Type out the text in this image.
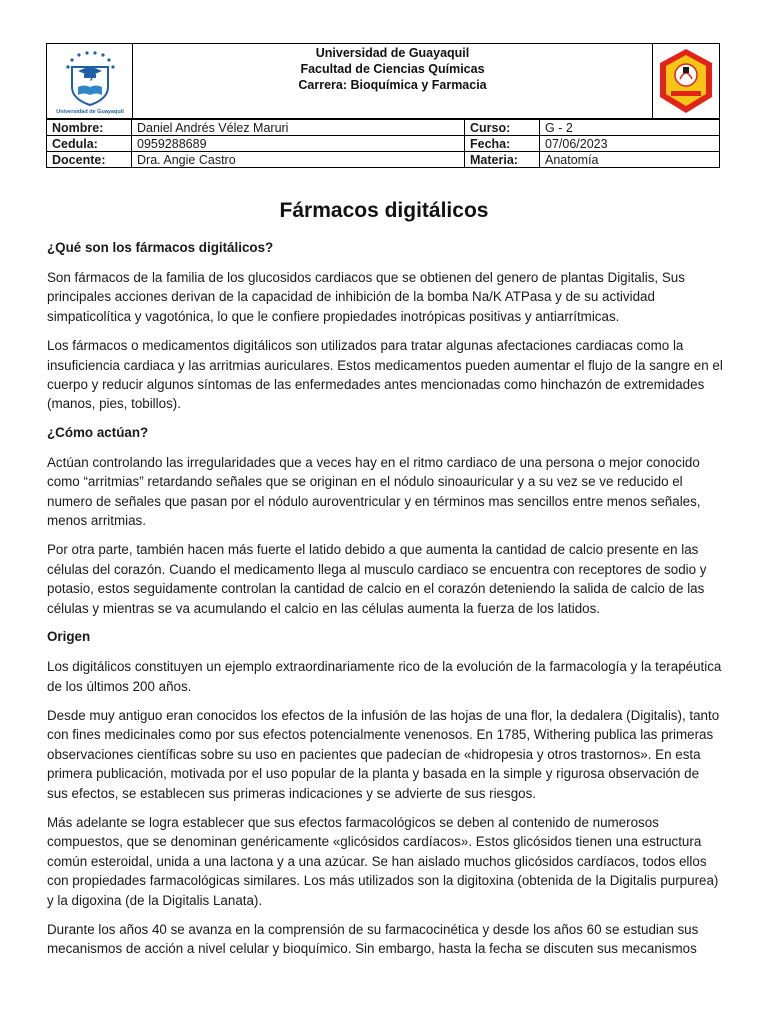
Universidad de Guayaquil
Universidad de Guayaquil
Facultad de Ciencias Químicas
Carrera: Bioquímica y Farmacia
Nombre:	Daniel Andrés Vélez Maruri	Curso:	G - 2
Cedula:	0959288689	Fecha:	07/06/2023
Docente:	Dra. Angie Castro	Materia:	Anatomía
Fármacos digitálicos
¿Qué son los fármacos digitálicos?

Son fármacos de la familia de los glucosidos cardiacos que se obtienen del genero de plantas Digitalis, Sus principales acciones derivan de la capacidad de inhibición de la bomba Na/K ATPasa y de su actividad simpaticolítica y vagotónica, lo que le confiere propiedades inotrópicas positivas y antiarrítmicas.

Los fármacos o medicamentos digitálicos son utilizados para tratar algunas afectaciones cardiacas como la insuficiencia cardiaca y las arritmias auriculares. Estos medicamentos pueden aumentar el flujo de la sangre en el cuerpo y reducir algunos síntomas de las enfermedades antes mencionadas como hinchazón de extremidades (manos, pies, tobillos).

¿Cómo actúan?

Actúan controlando las irregularidades que a veces hay en el ritmo cardiaco de una persona o mejor conocido como “arritmias” retardando señales que se originan en el nódulo sinoauricular y a su vez se ve reducido el numero de señales que pasan por el nódulo auroventricular y en términos mas sencillos entre menos señales, menos arritmias.

Por otra parte, también hacen más fuerte el latido debido a que aumenta la cantidad de calcio presente en las células del corazón. Cuando el medicamento llega al musculo cardiaco se encuentra con receptores de sodio y potasio, estos seguidamente controlan la cantidad de calcio en el corazón deteniendo la salida de calcio de las células y mientras se va acumulando el calcio en las células aumenta la fuerza de los latidos.

Origen

Los digitálicos constituyen un ejemplo extraordinariamente rico de la evolución de la farmacología y la terapéutica de los últimos 200 años.

Desde muy antiguo eran conocidos los efectos de la infusión de las hojas de una flor, la dedalera (Digitalis), tanto con fines medicinales como por sus efectos potencialmente venenosos. En 1785, Withering publica las primeras observaciones científicas sobre su uso en pacientes que padecían de «hidropesia y otros trastornos». En esta primera publicación, motivada por el uso popular de la planta y basada en la simple y rigurosa observación de sus efectos, se establecen sus primeras indicaciones y se advierte de sus riesgos.

Más adelante se logra establecer que sus efectos farmacológicos se deben al contenido de numerosos compuestos, que se denominan genéricamente «glicósidos cardíacos». Estos glicósidos tienen una estructura común esteroidal, unida a una lactona y a una azúcar. Se han aislado muchos glicósidos cardíacos, todos ellos con propiedades farmacológicas similares. Los más utilizados son la digitoxina (obtenida de la Digitalis purpurea) y la digoxina (de la Digitalis Lanata).

Durante los años 40 se avanza en la comprensión de su farmacocinética y desde los años 60 se estudian sus mecanismos de acción a nivel celular y bioquímico. Sin embargo, hasta la fecha se discuten sus mecanismos
